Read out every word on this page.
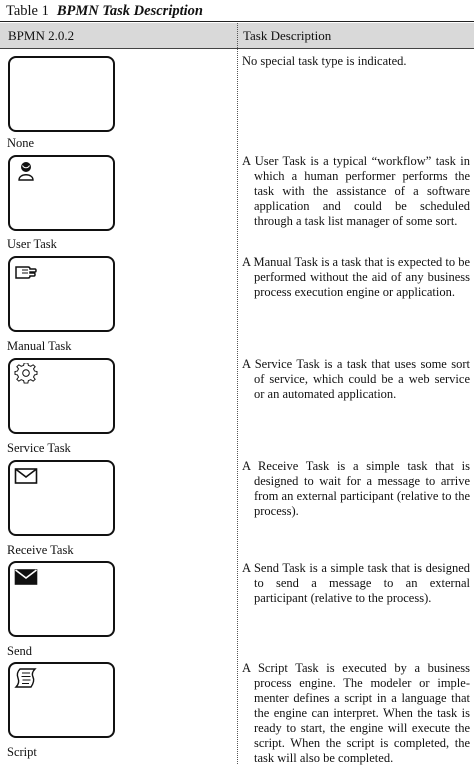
Table 1 BPMN Task Description
BPMN 2.0.2	Task Description
None
No special task type is indicated.
User Task
A User Task is a typical “workflow” task in which a human performer performs the task with the assistance of a software application and could be scheduled through a task list manager of some sort.
Manual Task
A Manual Task is a task that is expected to be performed without the aid of any business process execution engine or application.
Service Task
A Service Task is a task that uses some sort of service, which could be a web service or an automated application.
Receive Task
A Receive Task is a simple task that is designed to wait for a message to arrive from an external participant (relative to the process).
Send
A Send Task is a simple task that is designed to send a message to an external participant (relative to the process).
Script
A Script Task is executed by a business process engine. The modeler or imple- menter defines a script in a language that the engine can interpret. When the task is ready to start, the engine will execute the script. When the script is completed, the task will also be completed.
